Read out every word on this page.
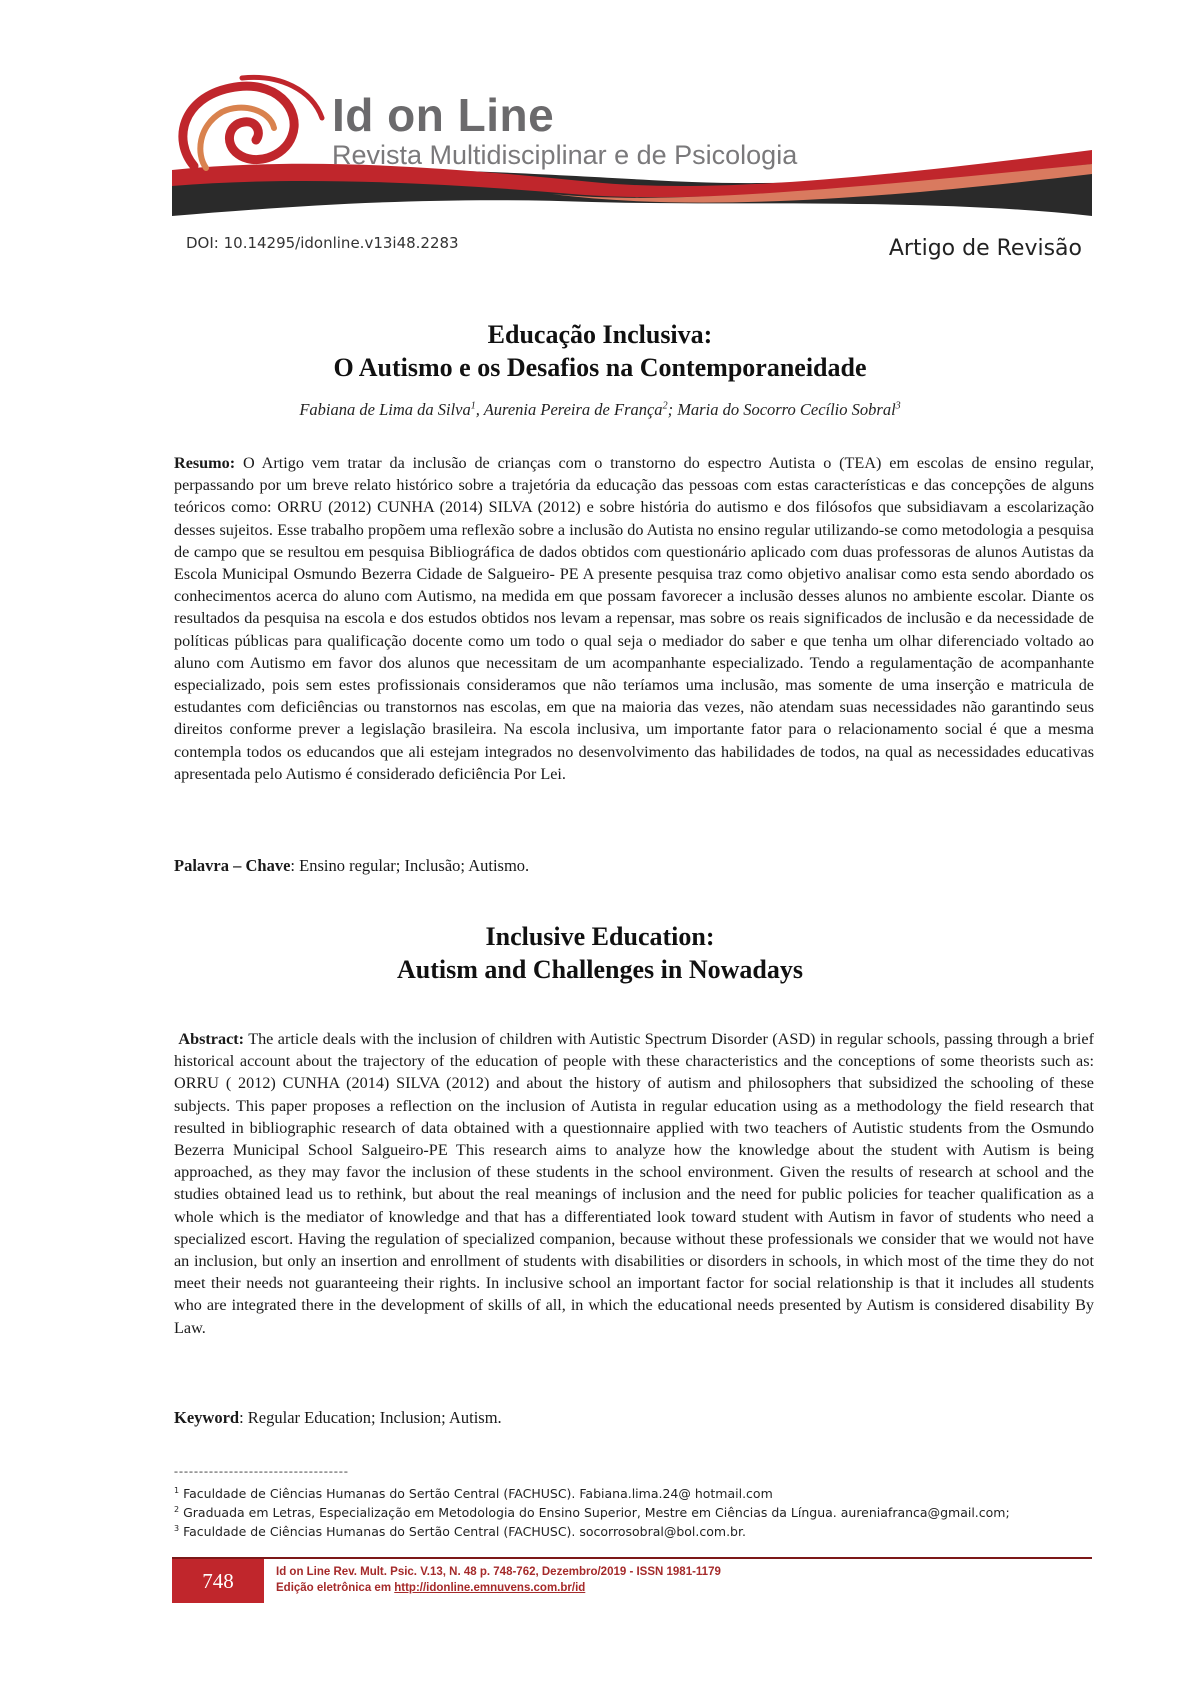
Id on Line
Revista Multidisciplinar e de Psicologia
DOI: 10.14295/idonline.v13i48.2283	Artigo de Revisão
Educação Inclusiva:
O Autismo e os Desafios na Contemporaneidade
Fabiana de Lima da Silva$^1$, Aurenia Pereira de França$^2$; Maria do Socorro Cecílio Sobral$^3$
Resumo: O Artigo vem tratar da inclusão de crianças com o transtorno do espectro Autista o (TEA) em escolas de ensino regular, perpassando por um breve relato histórico sobre a trajetória da educação das pessoas com estas características e das concepções de alguns teóricos como: ORRU (2012) CUNHA (2014) SILVA (2012) e sobre história do autismo e dos filósofos que subsidiavam a escolarização desses sujeitos. Esse trabalho propõem uma reflexão sobre a inclusão do Autista no ensino regular utilizando-se como metodologia a pesquisa de campo que se resultou em pesquisa Bibliográfica de dados obtidos com questionário aplicado com duas professoras de alunos Autistas da Escola Municipal Osmundo Bezerra Cidade de Salgueiro- PE A presente pesquisa traz como objetivo analisar como esta sendo abordado os conhecimentos acerca do aluno com Autismo, na medida em que possam favorecer a inclusão desses alunos no ambiente escolar. Diante os resultados da pesquisa na escola e dos estudos obtidos nos levam a repensar, mas sobre os reais significados de inclusão e da necessidade de políticas públicas para qualificação docente como um todo o qual seja o mediador do saber e que tenha um olhar diferenciado voltado ao aluno com Autismo em favor dos alunos que necessitam de um acompanhante especializado. Tendo a regulamentação de acompanhante especializado, pois sem estes profissionais consideramos que não teríamos uma inclusão, mas somente de uma inserção e matricula de estudantes com deficiências ou transtornos nas escolas, em que na maioria das vezes, não atendam suas necessidades não garantindo seus direitos conforme prever a legislação brasileira. Na escola inclusiva, um importante fator para o relacionamento social é que a mesma contempla todos os educandos que ali estejam integrados no desenvolvimento das habilidades de todos, na qual as necessidades educativas apresentada pelo Autismo é considerado deficiência Por Lei.
Palavra – Chave: Ensino regular; Inclusão; Autismo.
Inclusive Education:
Autism and Challenges in Nowadays
Abstract: The article deals with the inclusion of children with Autistic Spectrum Disorder (ASD) in regular schools, passing through a brief historical account about the trajectory of the education of people with these characteristics and the conceptions of some theorists such as: ORRU ( 2012) CUNHA (2014) SILVA (2012) and about the history of autism and philosophers that subsidized the schooling of these subjects. This paper proposes a reflection on the inclusion of Autista in regular education using as a methodology the field research that resulted in bibliographic research of data obtained with a questionnaire applied with two teachers of Autistic students from the Osmundo Bezerra Municipal School Salgueiro-PE This research aims to analyze how the knowledge about the student with Autism is being approached, as they may favor the inclusion of these students in the school environment. Given the results of research at school and the studies obtained lead us to rethink, but about the real meanings of inclusion and the need for public policies for teacher qualification as a whole which is the mediator of knowledge and that has a differentiated look toward student with Autism in favor of students who need a specialized escort. Having the regulation of specialized companion, because without these professionals we consider that we would not have an inclusion, but only an insertion and enrollment of students with disabilities or disorders in schools, in which most of the time they do not meet their needs not guaranteeing their rights. In inclusive school an important factor for social relationship is that it includes all students who are integrated there in the development of skills of all, in which the educational needs presented by Autism is considered disability By Law.
Keyword: Regular Education; Inclusion; Autism.
-----------------------------------
$^1$ Faculdade de Ciências Humanas do Sertão Central (FACHUSC). Fabiana.lima.24@ hotmail.com
$^2$ Graduada em Letras, Especialização em Metodologia do Ensino Superior, Mestre em Ciências da Língua. aureniafranca@gmail.com;
$^3$ Faculdade de Ciências Humanas do Sertão Central (FACHUSC). socorrosobral@bol.com.br.
748	Id on Line Rev. Mult. Psic. V.13, N. 48 p. 748-762, Dezembro/2019 - ISSN 1981-1179
Edição eletrônica em http://idonline.emnuvens.com.br/id
